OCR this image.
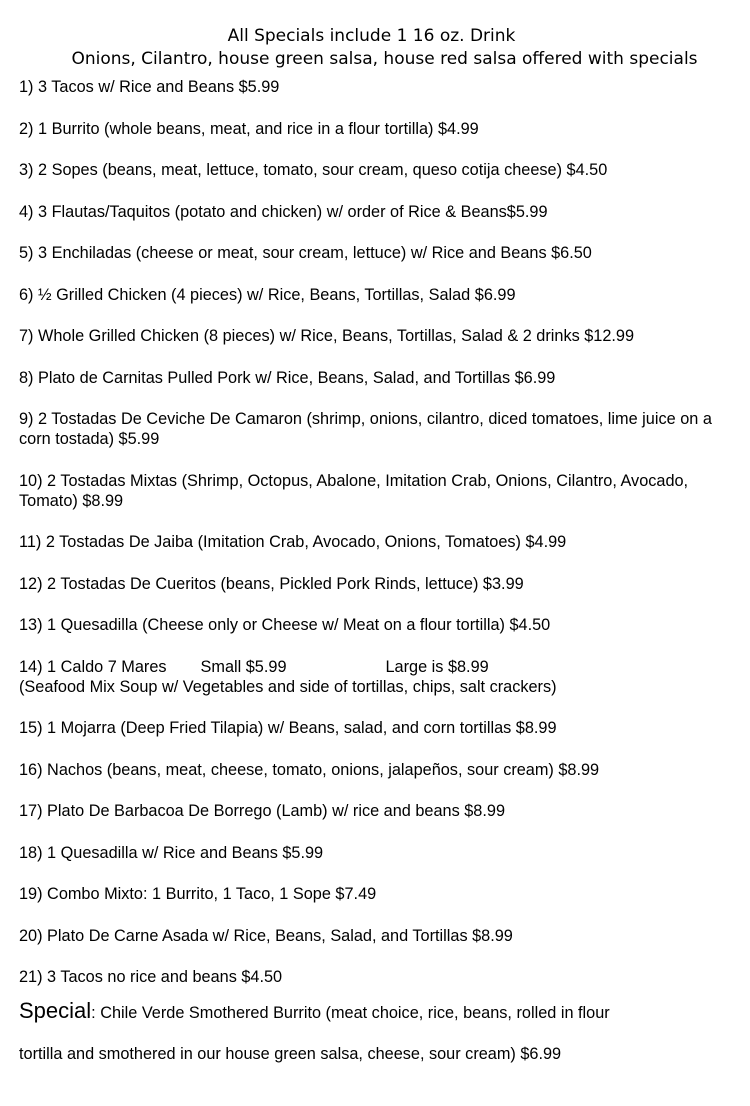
All Specials include 1 16 oz. Drink
Onions, Cilantro, house green salsa, house red salsa offered with specials
1) 3 Tacos w/ Rice and Beans $5.99
2) 1 Burrito (whole beans, meat, and rice in a flour tortilla) $4.99
3) 2 Sopes (beans, meat, lettuce, tomato, sour cream, queso cotija cheese) $4.50
4) 3 Flautas/Taquitos (potato and chicken) w/ order of Rice & Beans$5.99
5) 3 Enchiladas (cheese or meat, sour cream, lettuce) w/ Rice and Beans $6.50
6) ½ Grilled Chicken (4 pieces) w/ Rice, Beans, Tortillas, Salad $6.99
7) Whole Grilled Chicken (8 pieces) w/ Rice, Beans, Tortillas, Salad & 2 drinks $12.99
8) Plato de Carnitas Pulled Pork w/ Rice, Beans, Salad, and Tortillas $6.99
9) 2 Tostadas De Ceviche De Camaron (shrimp, onions, cilantro, diced tomatoes, lime juice on a corn tostada) $5.99
10) 2 Tostadas Mixtas (Shrimp, Octopus, Abalone, Imitation Crab, Onions, Cilantro, Avocado, Tomato) $8.99
11) 2 Tostadas De Jaiba (Imitation Crab, Avocado, Onions, Tomatoes) $4.99
12) 2 Tostadas De Cueritos (beans, Pickled Pork Rinds, lettuce) $3.99
13) 1 Quesadilla (Cheese only or Cheese w/ Meat on a flour tortilla) $4.50
14) 1 Caldo 7 Mares Small $5.99	Large is $8.99
(Seafood Mix Soup w/ Vegetables and side of tortillas, chips, salt crackers)
15) 1 Mojarra (Deep Fried Tilapia) w/ Beans, salad, and corn tortillas $8.99
16) Nachos (beans, meat, cheese, tomato, onions, jalapeños, sour cream) $8.99
17) Plato De Barbacoa De Borrego (Lamb) w/ rice and beans $8.99
18) 1 Quesadilla w/ Rice and Beans $5.99
19) Combo Mixto: 1 Burrito, 1 Taco, 1 Sope $7.49
20) Plato De Carne Asada w/ Rice, Beans, Salad, and Tortillas $8.99
21) 3 Tacos no rice and beans $4.50
Special: Chile Verde Smothered Burrito (meat choice, rice, beans, rolled in flour
tortilla and smothered in our house green salsa, cheese, sour cream) $6.99
